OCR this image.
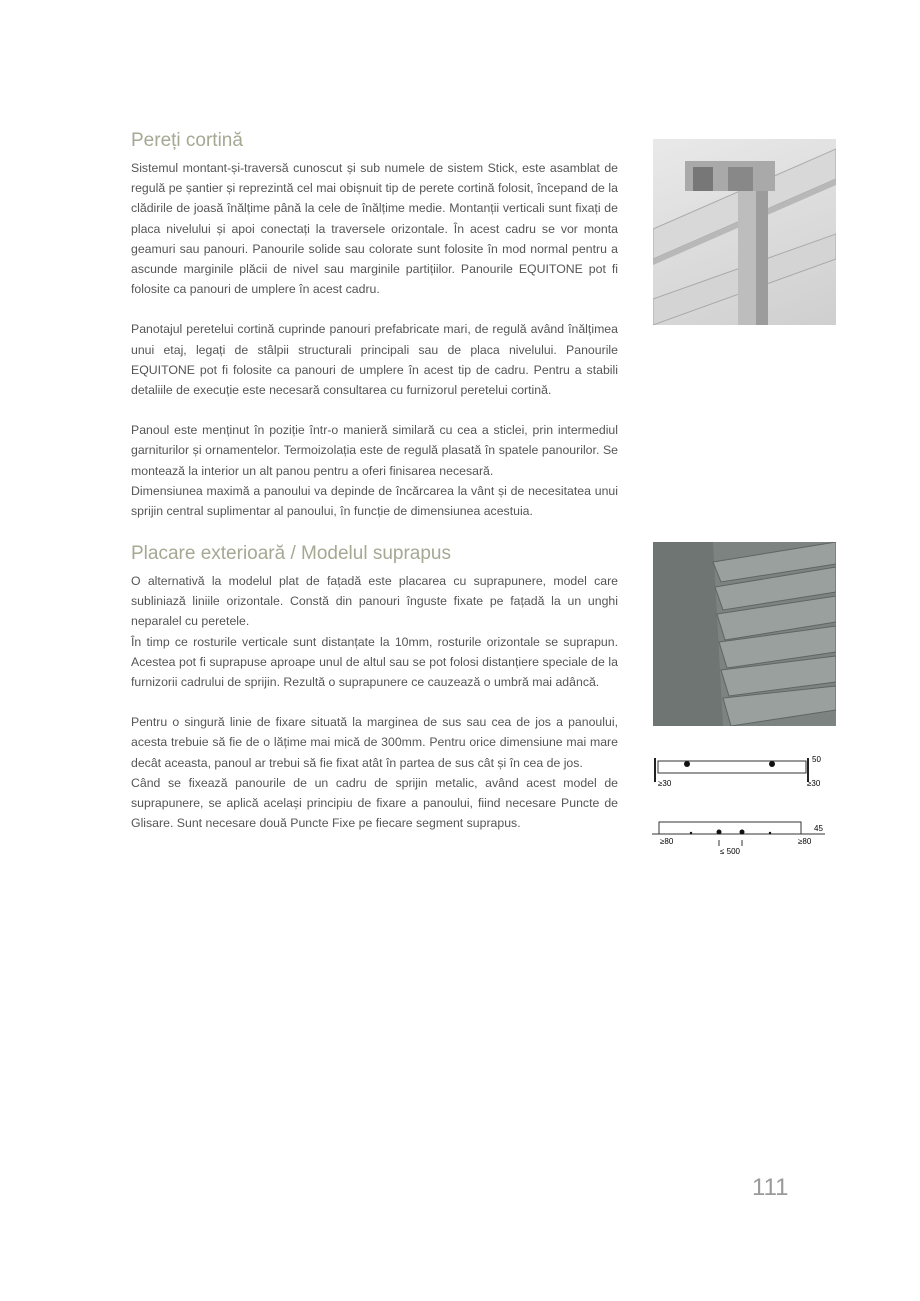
Pereți cortină

Sistemul montant-și-traversă cunoscut și sub numele de sistem Stick, este asamblat de regulă pe șantier și reprezintă cel mai obișnuit tip de perete cortină folosit, începand de la clădirile de joasă înălțime până la cele de înălțime medie. Montanții verticali sunt fixați de placa nivelului și apoi conectați la traversele orizontale. În acest cadru se vor monta geamuri sau panouri. Panourile solide sau colorate sunt folosite în mod normal pentru a ascunde marginile plăcii de nivel sau marginile partițiilor. Panourile EQUITONE pot fi folosite ca panouri de umplere în acest cadru.

Panotajul peretelui cortină cuprinde panouri prefabricate mari, de regulă având înălțimea unui etaj, legați de stâlpii structurali principali sau de placa nivelului. Panourile EQUITONE pot fi folosite ca panouri de umplere în acest tip de cadru. Pentru a stabili detaliile de execuție este necesară consultarea cu furnizorul peretelui cortină.

Panoul este menținut în poziție într-o manieră similară cu cea a sticlei, prin intermediul garniturilor și ornamentelor. Termoizolația este de regulă plasată în spatele panourilor. Se montează la interior un alt panou pentru a oferi finisarea necesară.

Dimensiunea maximă a panoului va depinde de încărcarea la vânt și de necesitatea unui sprijin central suplimentar al panoului, în funcție de dimensiunea acestuia.

Placare exterioară / Modelul suprapus

O alternativă la modelul plat de fațadă este placarea cu suprapunere, model care subliniază liniile orizontale. Constă din panouri înguste fixate pe fațadă la un unghi neparalel cu peretele.

În timp ce rosturile verticale sunt distanțate la 10mm, rosturile orizontale se suprapun. Acestea pot fi suprapuse aproape unul de altul sau se pot folosi distanțiere speciale de la furnizorii cadrului de sprijin. Rezultă o suprapunere ce cauzează o umbră mai adâncă.

Pentru o singură linie de fixare situată la marginea de sus sau cea de jos a panoului, acesta trebuie să fie de o lățime mai mică de 300mm. Pentru orice dimensiune mai mare decât aceasta, panoul ar trebui să fie fixat atât în partea de sus cât și în cea de jos.

Când se fixează panourile de un cadru de sprijin metalic, având acest model de suprapunere, se aplică același principiu de fixare a panoului, fiind necesare Puncte de Glisare. Sunt necesare două Puncte Fixe pe fiecare segment suprapus.

50
≥30	≥30
45
≥80
≤ 500
≥80
111
